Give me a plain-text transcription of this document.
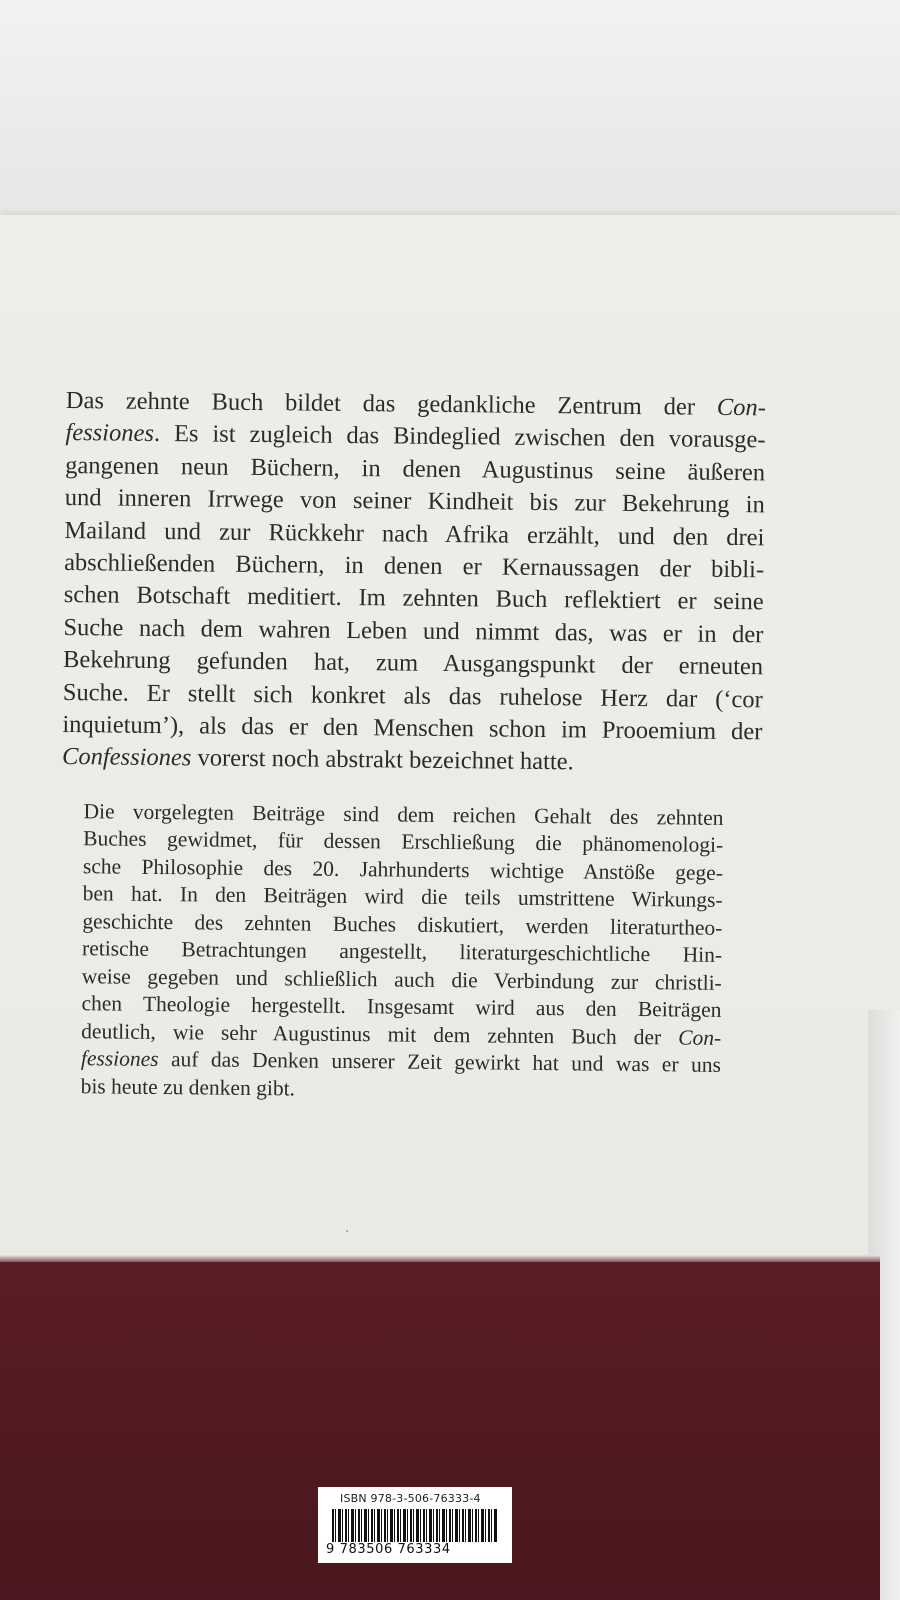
Das zehnte Buch bildet das gedankliche Zentrum der Con-
fessiones. Es ist zugleich das Bindeglied zwischen den vorausge-
gangenen neun Büchern, in denen Augustinus seine äußeren
und inneren Irrwege von seiner Kindheit bis zur Bekehrung in
Mailand und zur Rückkehr nach Afrika erzählt, und den drei
abschließenden Büchern, in denen er Kernaussagen der bibli-
schen Botschaft meditiert. Im zehnten Buch reflektiert er seine
Suche nach dem wahren Leben und nimmt das, was er in der
Bekehrung gefunden hat, zum Ausgangspunkt der erneuten
Suche. Er stellt sich konkret als das ruhelose Herz dar (‘cor
inquietum’), als das er den Menschen schon im Prooemium der
Confessiones vorerst noch abstrakt bezeichnet hatte.

Die vorgelegten Beiträge sind dem reichen Gehalt des zehnten
Buches gewidmet, für dessen Erschließung die phänomenologi-
sche Philosophie des 20. Jahrhunderts wichtige Anstöße gege-
ben hat. In den Beiträgen wird die teils umstrittene Wirkungs-
geschichte des zehnten Buches diskutiert, werden literaturtheo-
retische Betrachtungen angestellt, literaturgeschichtliche Hin-
weise gegeben und schließlich auch die Verbindung zur christli-
chen Theologie hergestellt. Insgesamt wird aus den Beiträgen
deutlich, wie sehr Augustinus mit dem zehnten Buch der Con-
fessiones auf das Denken unserer Zeit gewirkt hat und was er uns
bis heute zu denken gibt.

ISBN 978-3-506-76333-4
9 783506 763334
